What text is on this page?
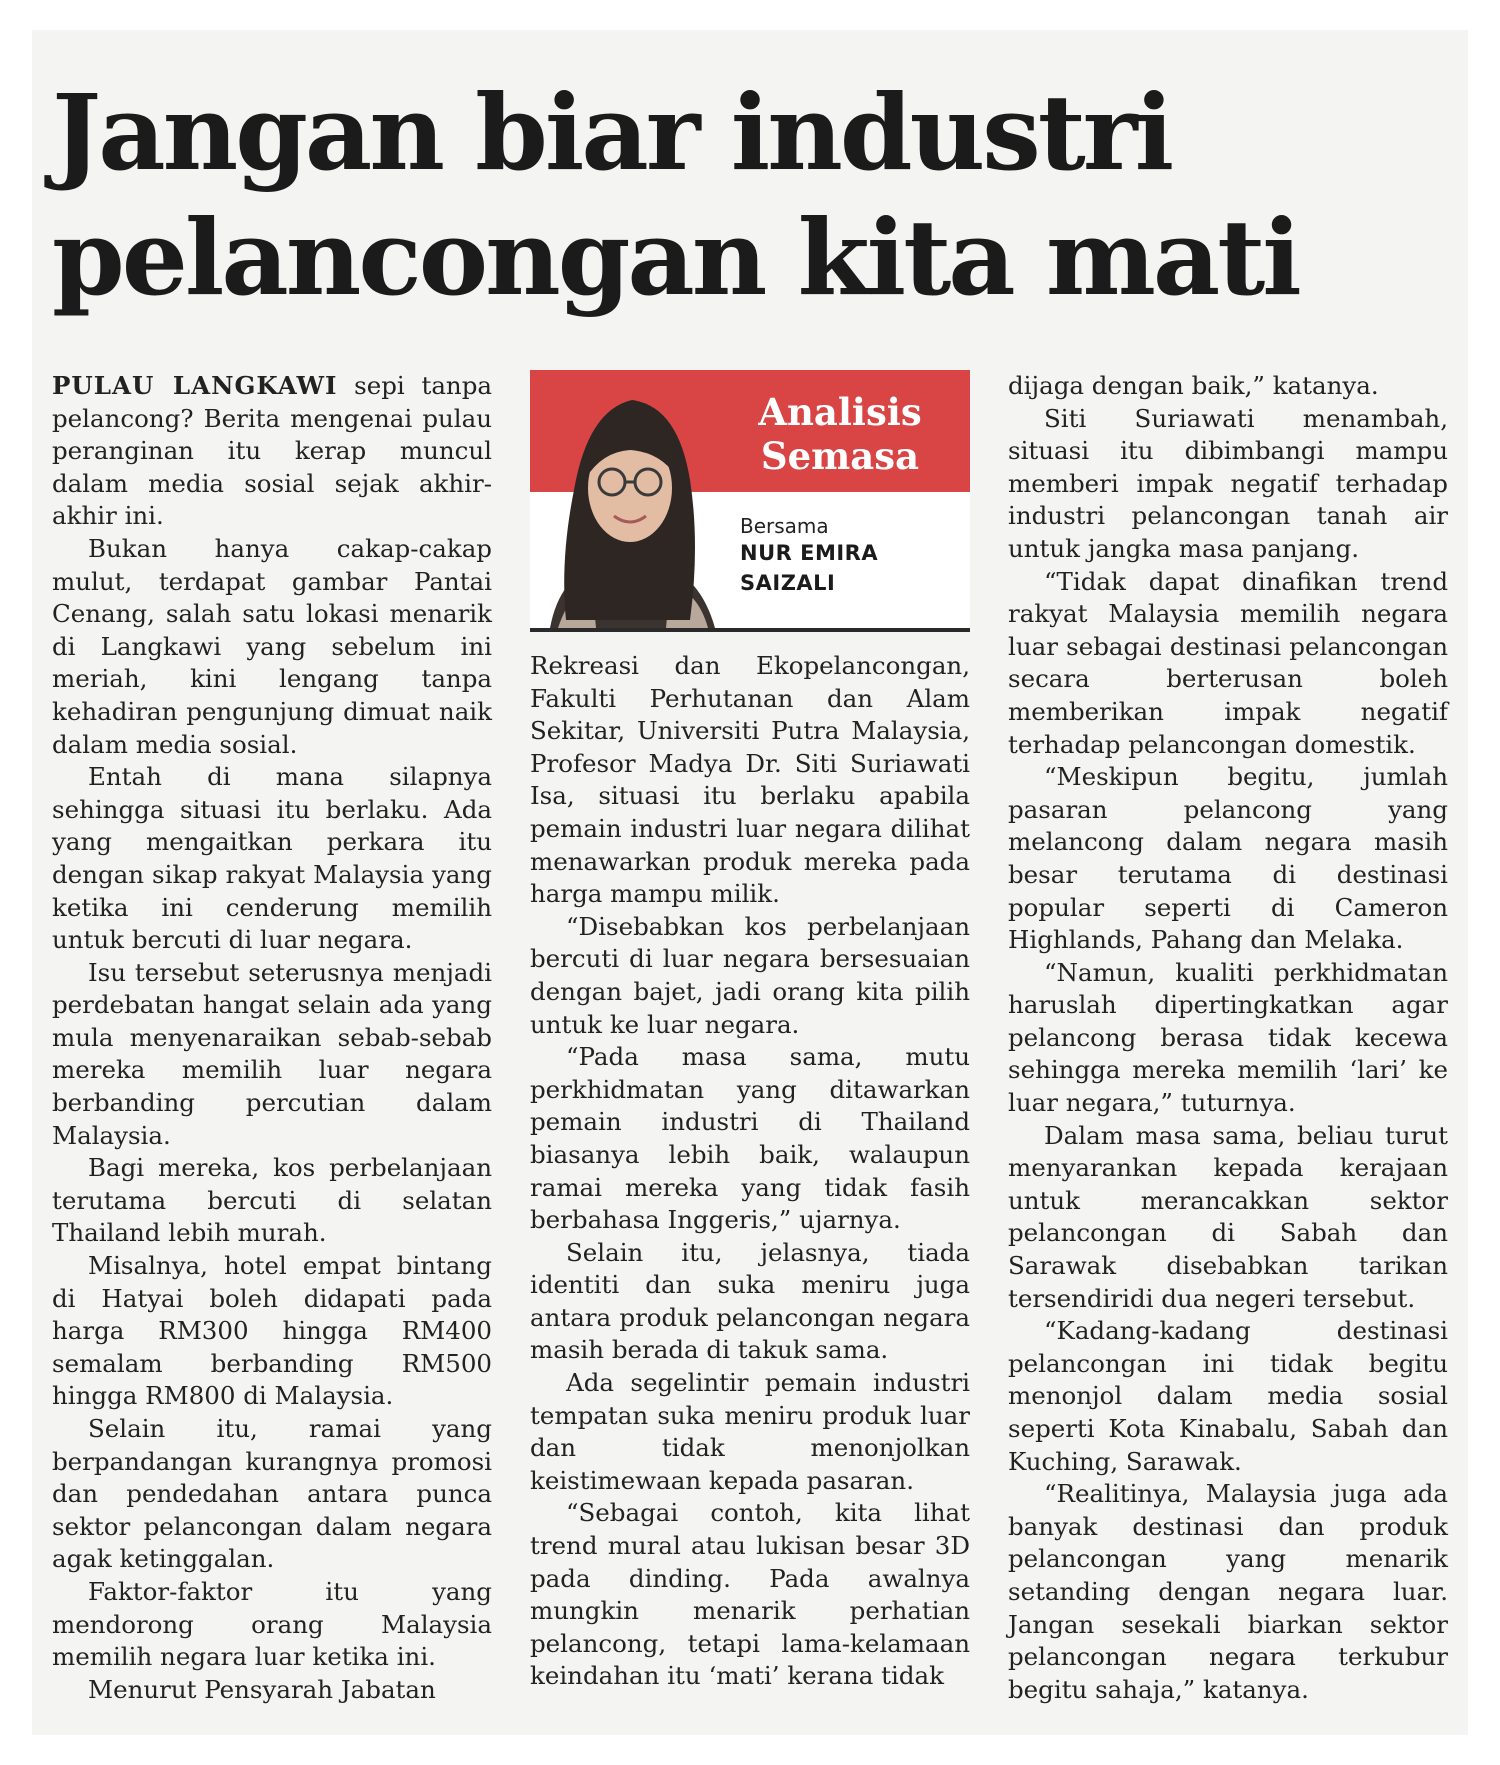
Jangan biar industri
pelancongan kita mati

PULAU LANGKAWI sepi tanpa pelancong? Berita mengenai pulau peranginan itu kerap muncul dalam media sosial sejak akhir-akhir ini.

Bukan hanya cakap-cakap mulut, terdapat gambar Pantai Cenang, salah satu lokasi menarik di Langkawi yang sebelum ini meriah, kini lengang tanpa kehadiran pengunjung dimuat naik dalam media sosial.

Entah di mana silapnya sehingga situasi itu berlaku. Ada yang mengaitkan perkara itu dengan sikap rakyat Malaysia yang ketika ini cenderung memilih untuk bercuti di luar negara.

Isu tersebut seterusnya menjadi perdebatan hangat selain ada yang mula menyenaraikan sebab-sebab mereka memilih luar negara berbanding percutian dalam Malaysia.

Bagi mereka, kos perbelanjaan terutama bercuti di selatan Thailand lebih murah.

Misalnya, hotel empat bintang di Hatyai boleh didapati pada harga RM300 hingga RM400 semalam berbanding RM500 hingga RM800 di Malaysia.

Selain itu, ramai yang berpandangan kurangnya promosi dan pendedahan antara punca sektor pelancongan dalam negara agak ketinggalan.

Faktor-faktor itu yang mendorong orang Malaysia memilih negara luar ketika ini.

Menurut Pensyarah Jabatan

Analisis
Semasa
Bersama
NUR EMIRA
SAIZALI

Rekreasi dan Ekopelancongan, Fakulti Perhutanan dan Alam Sekitar, Universiti Putra Malaysia, Profesor Madya Dr. Siti Suriawati Isa, situasi itu berlaku apabila pemain industri luar negara dilihat menawarkan produk mereka pada harga mampu milik.

“Disebabkan kos perbelanjaan bercuti di luar negara bersesuaian dengan bajet, jadi orang kita pilih untuk ke luar negara.

“Pada masa sama, mutu perkhidmatan yang ditawarkan pemain industri di Thailand biasanya lebih baik, walaupun ramai mereka yang tidak fasih berbahasa Inggeris,” ujarnya.

Selain itu, jelasnya, tiada identiti dan suka meniru juga antara produk pelancongan negara masih berada di takuk sama.

Ada segelintir pemain industri tempatan suka meniru produk luar dan tidak menonjolkan keistimewaan kepada pasaran.

“Sebagai contoh, kita lihat trend mural atau lukisan besar 3D pada dinding. Pada awalnya mungkin menarik perhatian pelancong, tetapi lama-kelamaan keindahan itu ‘mati’ kerana tidak

dijaga dengan baik,” katanya.

Siti Suriawati menambah, situasi itu dibimbangi mampu memberi impak negatif terhadap industri pelancongan tanah air untuk jangka masa panjang.

“Tidak dapat dinafikan trend rakyat Malaysia memilih negara luar sebagai destinasi pelancongan secara berterusan boleh memberikan impak negatif terhadap pelancongan domestik.

“Meskipun begitu, jumlah pasaran pelancong yang melancong dalam negara masih besar terutama di destinasi popular seperti di Cameron Highlands, Pahang dan Melaka.

“Namun, kualiti perkhidmatan haruslah dipertingkatkan agar pelancong berasa tidak kecewa sehingga mereka memilih ‘lari’ ke luar negara,” tuturnya.

Dalam masa sama, beliau turut menyarankan kepada kerajaan untuk merancakkan sektor pelancongan di Sabah dan Sarawak disebabkan tarikan tersendiridi dua negeri tersebut.

“Kadang-kadang destinasi pelancongan ini tidak begitu menonjol dalam media sosial seperti Kota Kinabalu, Sabah dan Kuching, Sarawak.

“Realitinya, Malaysia juga ada banyak destinasi dan produk pelancongan yang menarik setanding dengan negara luar. Jangan sesekali biarkan sektor pelancongan negara terkubur begitu sahaja,” katanya.
